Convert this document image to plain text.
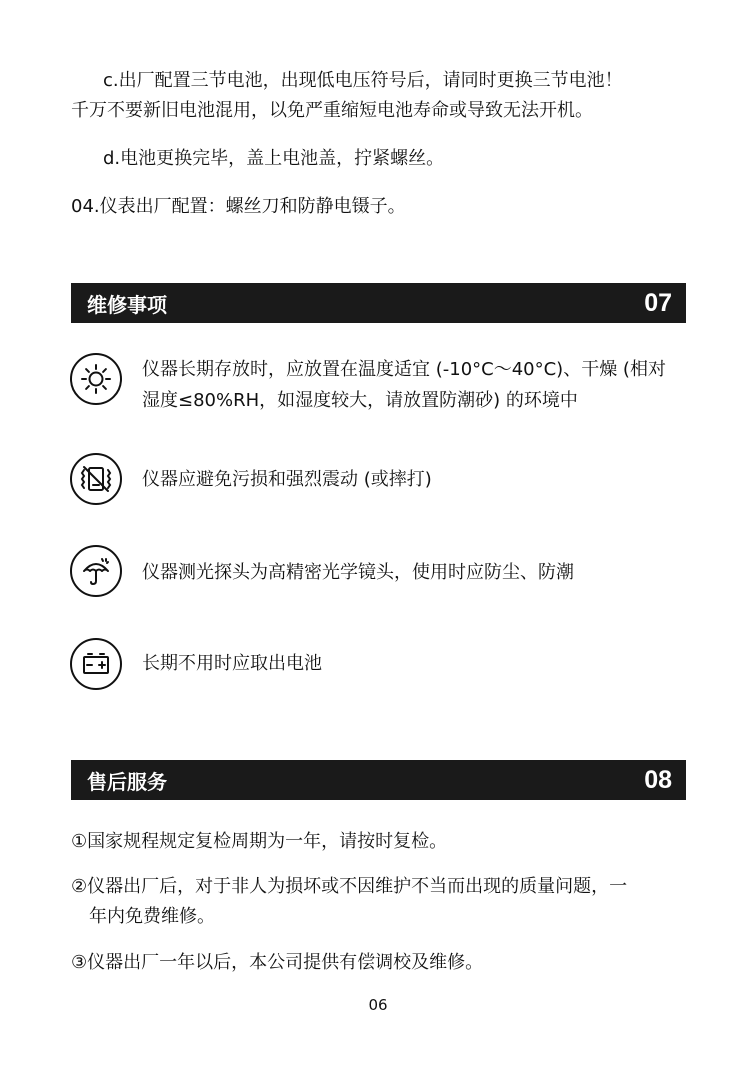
c.出厂配置三节电池，出现低电压符号后，请同时更换三节电池！
千万不要新旧电池混用，以免严重缩短电池寿命或导致无法开机。
d.电池更换完毕，盖上电池盖，拧紧螺丝。
04.仪表出厂配置：螺丝刀和防静电镊子。
维修事项	07
仪器长期存放时，应放置在温度适宜 (-10°C～40°C)、干燥 (相对
湿度≤80%RH，如湿度较大，请放置防潮砂) 的环境中
仪器应避免污损和强烈震动 (或摔打)
仪器测光探头为高精密光学镜头，使用时应防尘、防潮
长期不用时应取出电池
售后服务	08
①国家规程规定复检周期为一年，请按时复检。
②仪器出厂后，对于非人为损坏或不因维护不当而出现的质量问题，一
年内免费维修。
③仪器出厂一年以后，本公司提供有偿调校及维修。
06
